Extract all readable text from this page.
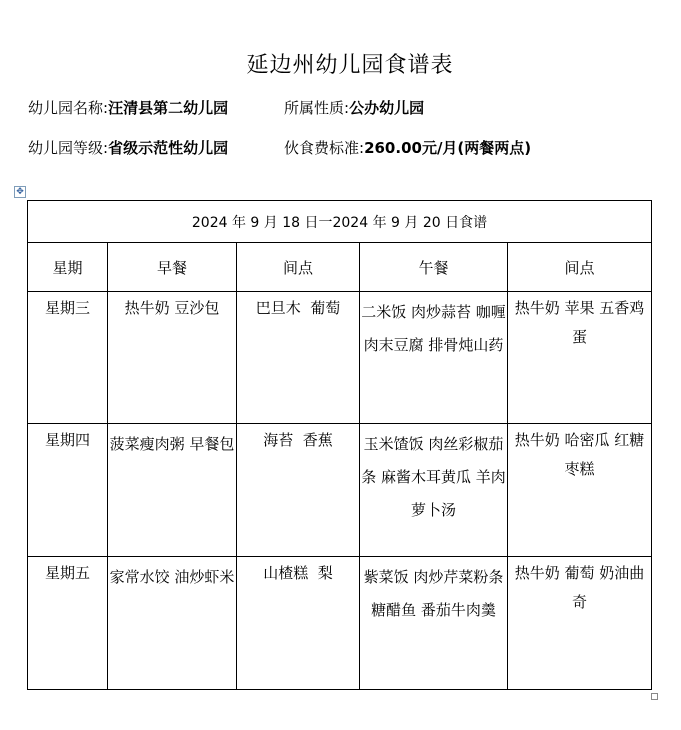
延边州幼儿园食谱表
幼儿园名称:汪清县第二幼儿园	所属性质:公办幼儿园
幼儿园等级:省级示范性幼儿园	伙食费标准:260.00元/月(两餐两点)
✥
2024 年 9 月 18 日一2024 年 9 月 20 日食谱				
星期	早餐	间点	午餐	间点

星期三	热牛奶 豆沙包	巴旦木  葡萄	二米饭 肉炒蒜苔 咖喱肉末豆腐 排骨炖山药	热牛奶 苹果 五香鸡蛋

星期四	菠菜瘦肉粥 早餐包	海苔  香蕉	玉米馇饭 肉丝彩椒茄条 麻酱木耳黄瓜 羊肉萝卜汤	热牛奶 哈密瓜 红糖枣糕

星期五	家常水饺 油炒虾米	山楂糕  梨	紫菜饭 肉炒芹菜粉条 糖醋鱼 番茄牛肉羹	热牛奶 葡萄 奶油曲奇
